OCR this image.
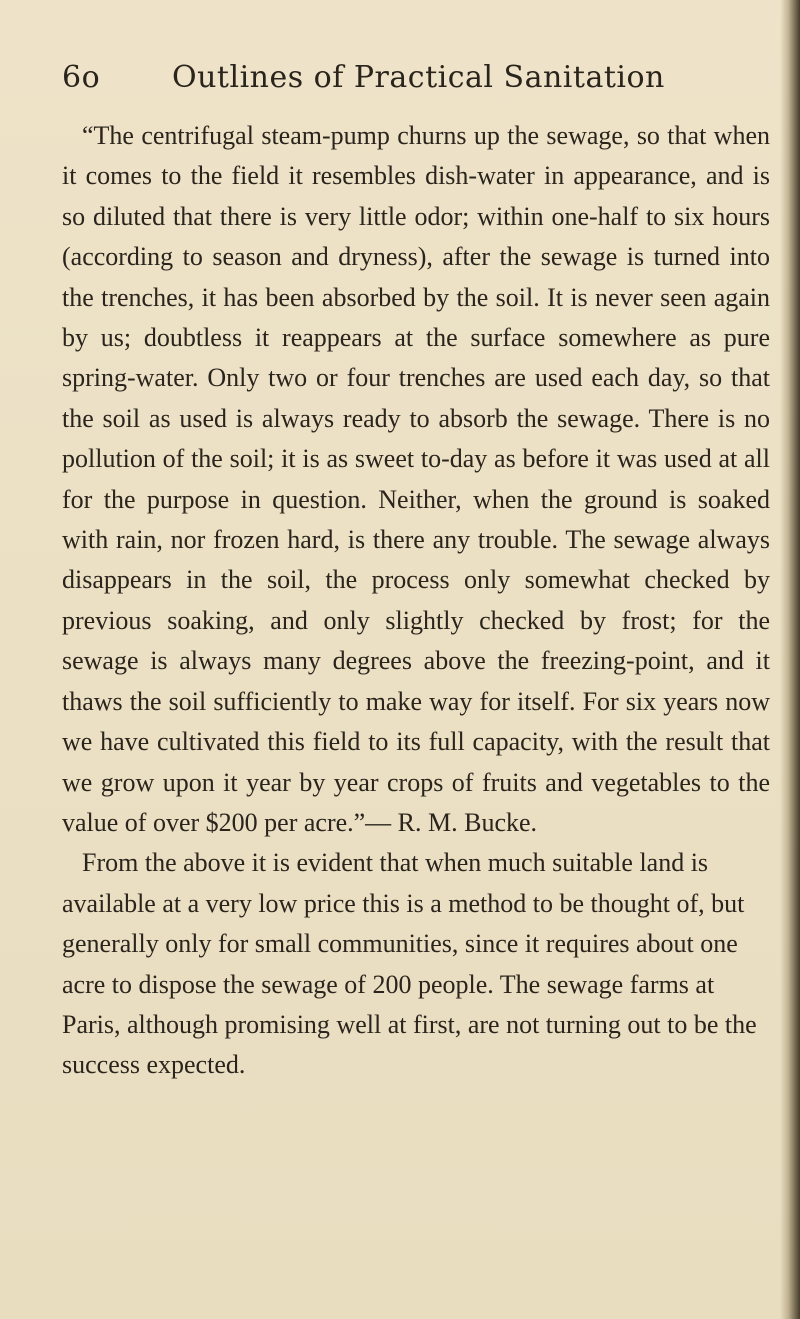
6o	Outlines of Practical Sanitation

“The centrifugal steam-pump churns up the sewage, so that when it comes to the field it resembles dish-water in appearance, and is so diluted that there is very little odor; within one-half to six hours (according to season and dryness), after the sewage is turned into the trenches, it has been absorbed by the soil. It is never seen again by us; doubtless it reappears at the surface somewhere as pure spring-water. Only two or four trenches are used each day, so that the soil as used is always ready to absorb the sewage. There is no pollution of the soil; it is as sweet to-day as before it was used at all for the purpose in question. Neither, when the ground is soaked with rain, nor frozen hard, is there any trouble. The sewage always disappears in the soil, the process only somewhat checked by previous soaking, and only slightly checked by frost; for the sewage is always many degrees above the freezing-point, and it thaws the soil sufficiently to make way for itself. For six years now we have cultivated this field to its full capacity, with the result that we grow upon it year by year crops of fruits and vegetables to the value of over $200 per acre.”— R. M. Bucke.

From the above it is evident that when much suitable land is available at a very low price this is a method to be thought of, but generally only for small communities, since it requires about one acre to dispose the sewage of 200 people. The sewage farms at Paris, although promising well at first, are not turning out to be the success expected.
